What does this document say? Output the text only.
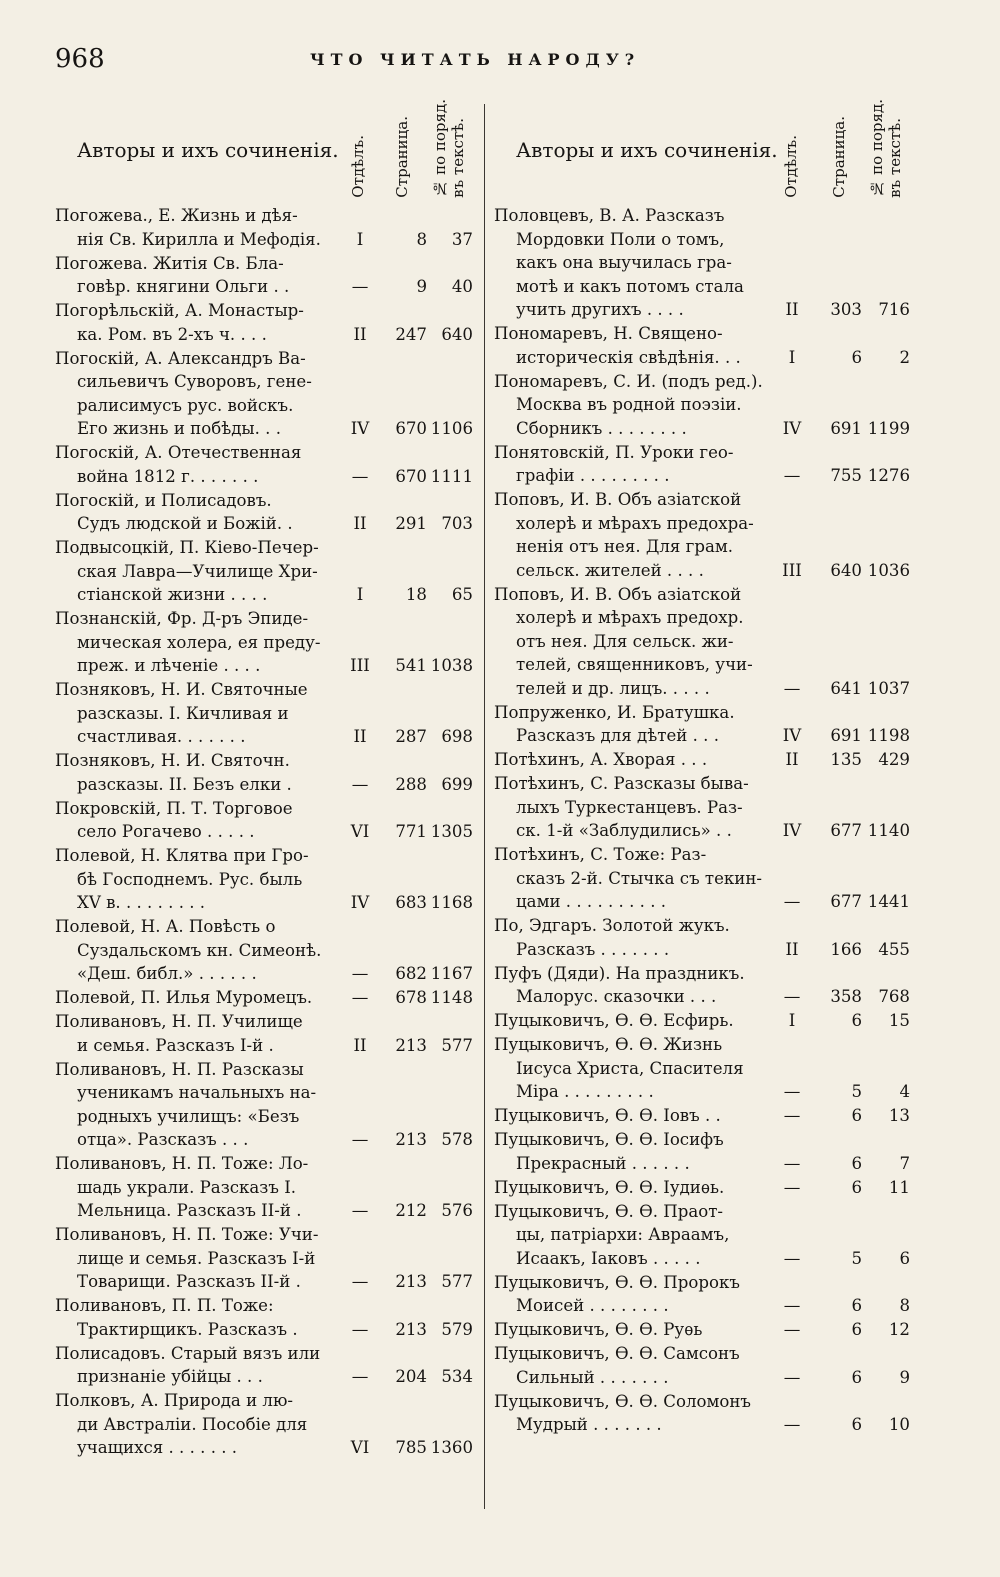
968	ЧТО ЧИТАТЬ НАРОДУ?
Авторы и ихъ сочиненія. Отдѣлъ. Страница. № по поряд. въ текстѣ. Авторы и ихъ сочиненія. Отдѣлъ. Страница. № по поряд. въ текстѣ.
Погожева., Е. Жизнь и дѣя-
нія Св. Кирилла и Мефодія.	I	8	37
Погожева. Житія Св. Бла-
говѣр. княгини Ольги . .	—	9	40
Погорѣльскій, А. Монастыр-
ка. Ром. въ 2-хъ ч. . . .	II	247 640
Погоскій, А. Александръ Ва-
сильевичъ Суворовъ, гене-
ралисимусъ рус. войскъ.
Его жизнь и побѣды. . .	IV	670 1106
Погоскій, А. Отечественная
война 1812 г. . . . . . .	—	670 1111
Погоскій, и Полисадовъ.
Судъ людской и Божій. .	II	291 703
Подвысоцкій, П. Кіево-Печер-
ская Лавра—Училище Хри-
стіанской жизни . . . .	I	18	65
Познанскій, Фр. Д-ръ Эпиде-
мическая холера, ея преду-
преж. и лѣченіе . . . .	III	541 1038
Позняковъ, Н. И. Святочные
разсказы. I. Кичливая и
счастливая. . . . . . .	II	287 698
Позняковъ, Н. И. Святочн.
разсказы. II. Безъ елки .	—	288 699
Покровскій, П. Т. Торговое
село Рогачево . . . . .	VI	771 1305
Полевой, Н. Клятва при Гро-
бѣ Господнемъ. Рус. быль
XV в. . . . . . . . .	IV	683 1168
Полевой, Н. А. Повѣсть о
Суздальскомъ кн. Симеонѣ.
«Деш. библ.» . . . . . .	—	682 1167
Полевой, П. Илья Муромецъ.	—	678 1148
Поливановъ, Н. П. Училище
и семья. Разсказъ I-й .	II	213 577
Поливановъ, Н. П. Разсказы
ученикамъ начальныхъ на-
родныхъ училищъ: «Безъ
отца». Разсказъ . . .	—	213 578
Поливановъ, Н. П. Тоже: Ло-
шадь украли. Разсказъ I.
Мельница. Разсказъ II-й .	—	212 576
Поливановъ, Н. П. Тоже: Учи-
лище и семья. Разсказъ I-й
Товарищи. Разсказъ II-й .	—	213 577
Поливановъ, П. П. Тоже:
Трактирщикъ. Разсказъ .	—	213 579
Полисадовъ. Старый вязъ или
признаніе убійцы . . .	—	204 534
Полковъ, А. Природа и лю-
ди Австраліи. Пособіе для
учащихся . . . . . . .	VI	785 1360
Половцевъ, В. А. Разсказъ
Мордовки Поли о томъ,
какъ она выучилась гра-
мотѣ и какъ потомъ стала
учить другихъ . . . .	II	303 716
Пономаревъ, Н. Священо-
историческія свѣдѣнія. . .	I	6	2
Пономаревъ, С. И. (подъ ред.).
Москва въ родной поэзіи.
Сборникъ . . . . . . . .	IV	691 1199
Понятовскій, П. Уроки гео-
графіи . . . . . . . . .	—	755 1276
Поповъ, И. В. Объ азіатской
холерѣ и мѣрахъ предохра-
ненія отъ нея. Для грам.
сельск. жителей . . . .	III	640 1036
Поповъ, И. В. Объ азіатской
холерѣ и мѣрахъ предохр.
отъ нея. Для сельск. жи-
телей, священниковъ, учи-
телей и др. лицъ. . . . .	—	641 1037
Попруженко, И. Братушка.
Разсказъ для дѣтей . . .	IV	691 1198
Потѣхинъ, А. Хворая . . .	II	135 429
Потѣхинъ, С. Разсказы быва-
лыхъ Туркестанцевъ. Раз-
ск. 1-й «Заблудились» . .	IV	677 1140
Потѣхинъ, С. Тоже: Раз-
сказъ 2-й. Стычка съ текин-
цами . . . . . . . . . .	—	677 1441
По, Эдгаръ. Золотой жукъ.
Разсказъ . . . . . . .	II	166 455
Пуфъ (Дяди). На праздникъ.
Малорус. сказочки . . .	—	358 768
Пуцыковичъ, Ѳ. Ѳ. Есфирь.	I	6	15
Пуцыковичъ, Ѳ. Ѳ. Жизнь
Іисуса Христа, Спасителя
Міра . . . . . . . . .	—	5	4
Пуцыковичъ, Ѳ. Ѳ. Іовъ . .	—	6	13
Пуцыковичъ, Ѳ. Ѳ. Іосифъ
Прекрасный . . . . . .	—	6	7
Пуцыковичъ, Ѳ. Ѳ. Іудиѳь.	—	6	11
Пуцыковичъ, Ѳ. Ѳ. Праот-
цы, патріархи: Авраамъ,
Исаакъ, Іаковъ . . . . .	—	5	6
Пуцыковичъ, Ѳ. Ѳ. Пророкъ
Моисей . . . . . . . .	—	6	8
Пуцыковичъ, Ѳ. Ѳ. Руѳь	—	6	12
Пуцыковичъ, Ѳ. Ѳ. Самсонъ
Сильный . . . . . . .	—	6	9
Пуцыковичъ, Ѳ. Ѳ. Соломонъ
Мудрый . . . . . . .	—	6	10
